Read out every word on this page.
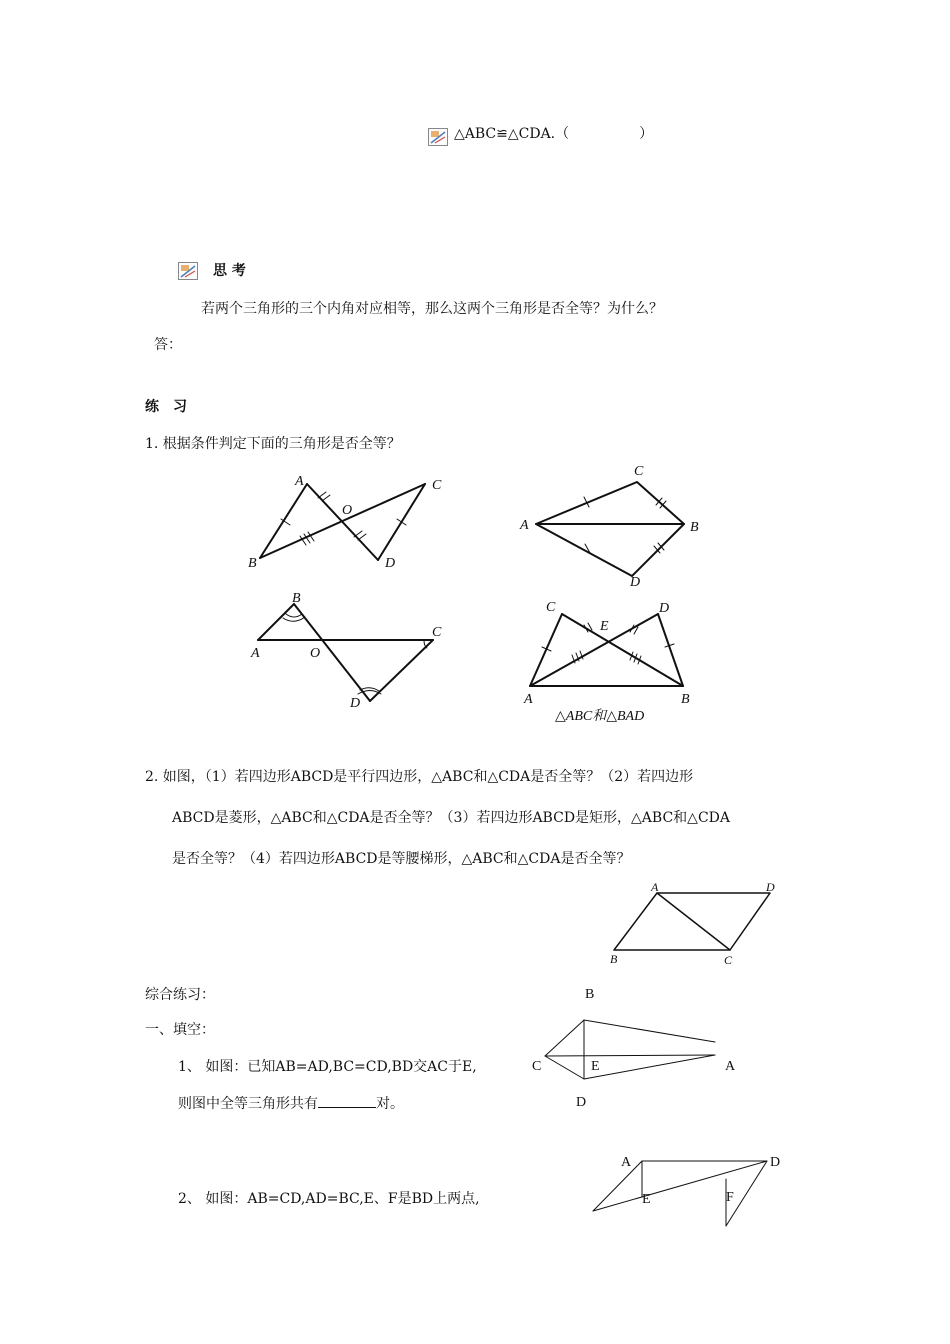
△ABC≌△CDA.（	）
思 考
若两个三角形的三个内角对应相等，那么这两个三角形是否全等？为什么？
答：
练　习
1. 根据条件判定下面的三角形是否全等？
A
B
C
D
O
A
C
B
D
B
A	O
C
D
C	D
E
A	B
△ABC和△BAD
2. 如图，（1）若四边形ABCD是平行四边形，△ABC和△CDA是否全等？（2）若四边形
ABCD是菱形，△ABC和△CDA是否全等？（3）若四边形ABCD是矩形，△ABC和△CDA
是否全等？（4）若四边形ABCD是等腰梯形，△ABC和△CDA是否全等？
A	D
B	C
综合练习：
一、填空：
1、 如图：已知AB=AD,BC=CD,BD交AC于E,
则图中全等三角形共有	对。
B
C	E	A
D
2、 如图：AB=CD,AD=BC,E、F是BD上两点,
A	D
E	F
